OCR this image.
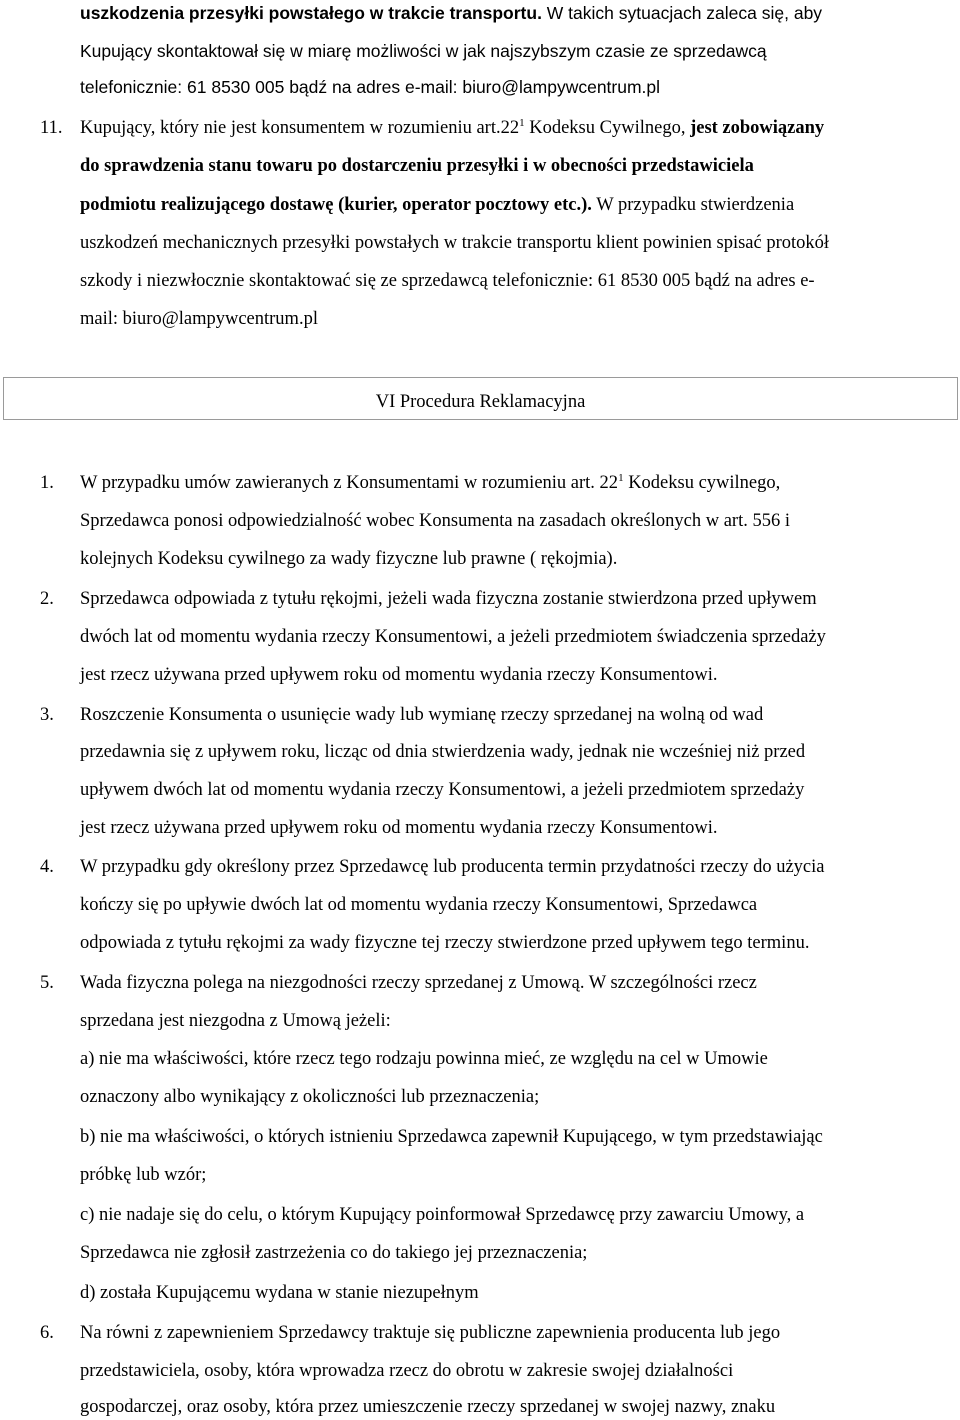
uszkodzenia przesyłki powstałego w trakcie transportu. W takich sytuacjach zaleca się, aby
Kupujący skontaktował się w miarę możliwości w jak najszybszym czasie ze sprzedawcą
telefonicznie: 61 8530 005 bądź na adres e-mail: biuro@lampywcentrum.pl
11. Kupujący, który nie jest konsumentem w rozumieniu $art.22^1$ Kodeksu Cywilnego, jest zobowiązany
do sprawdzenia stanu towaru po dostarczeniu przesyłki i w obecności przedstawiciela
podmiotu realizującego dostawę (kurier, operator pocztowy etc.). W przypadku stwierdzenia
uszkodzeń mechanicznych przesyłki powstałych w trakcie transportu klient powinien spisać protokół
szkody i niezwłocznie skontaktować się ze sprzedawcą telefonicznie: 61 8530 005 bądź na adres e-
mail: biuro@lampywcentrum.pl
VI Procedura Reklamacyjna
1. W przypadku umów zawieranych z Konsumentami w rozumieniu art. $22^1$ Kodeksu cywilnego,
Sprzedawca ponosi odpowiedzialność wobec Konsumenta na zasadach określonych w art. 556 i
kolejnych Kodeksu cywilnego za wady fizyczne lub prawne ( rękojmia).
2. Sprzedawca odpowiada z tytułu rękojmi, jeżeli wada fizyczna zostanie stwierdzona przed upływem
dwóch lat od momentu wydania rzeczy Konsumentowi, a jeżeli przedmiotem świadczenia sprzedaży
jest rzecz używana przed upływem roku od momentu wydania rzeczy Konsumentowi.
3. Roszczenie Konsumenta o usunięcie wady lub wymianę rzeczy sprzedanej na wolną od wad
przedawnia się z upływem roku, licząc od dnia stwierdzenia wady, jednak nie wcześniej niż przed
upływem dwóch lat od momentu wydania rzeczy Konsumentowi, a jeżeli przedmiotem sprzedaży
jest rzecz używana przed upływem roku od momentu wydania rzeczy Konsumentowi.
4. W przypadku gdy określony przez Sprzedawcę lub producenta termin przydatności rzeczy do użycia
kończy się po upływie dwóch lat od momentu wydania rzeczy Konsumentowi, Sprzedawca
odpowiada z tytułu rękojmi za wady fizyczne tej rzeczy stwierdzone przed upływem tego terminu.
5. Wada fizyczna polega na niezgodności rzeczy sprzedanej z Umową. W szczególności rzecz
sprzedana jest niezgodna z Umową jeżeli:
a) nie ma właściwości, które rzecz tego rodzaju powinna mieć, ze względu na cel w Umowie
oznaczony albo wynikający z okoliczności lub przeznaczenia;
b) nie ma właściwości, o których istnieniu Sprzedawca zapewnił Kupującego, w tym przedstawiając
próbkę lub wzór;
c) nie nadaje się do celu, o którym Kupujący poinformował Sprzedawcę przy zawarciu Umowy, a
Sprzedawca nie zgłosił zastrzeżenia co do takiego jej przeznaczenia;
d) została Kupującemu wydana w stanie niezupełnym
6. Na równi z zapewnieniem Sprzedawcy traktuje się publiczne zapewnienia producenta lub jego
przedstawiciela, osoby, która wprowadza rzecz do obrotu w zakresie swojej działalności
gospodarczej, oraz osoby, która przez umieszczenie rzeczy sprzedanej w swojej nazwy, znaku
